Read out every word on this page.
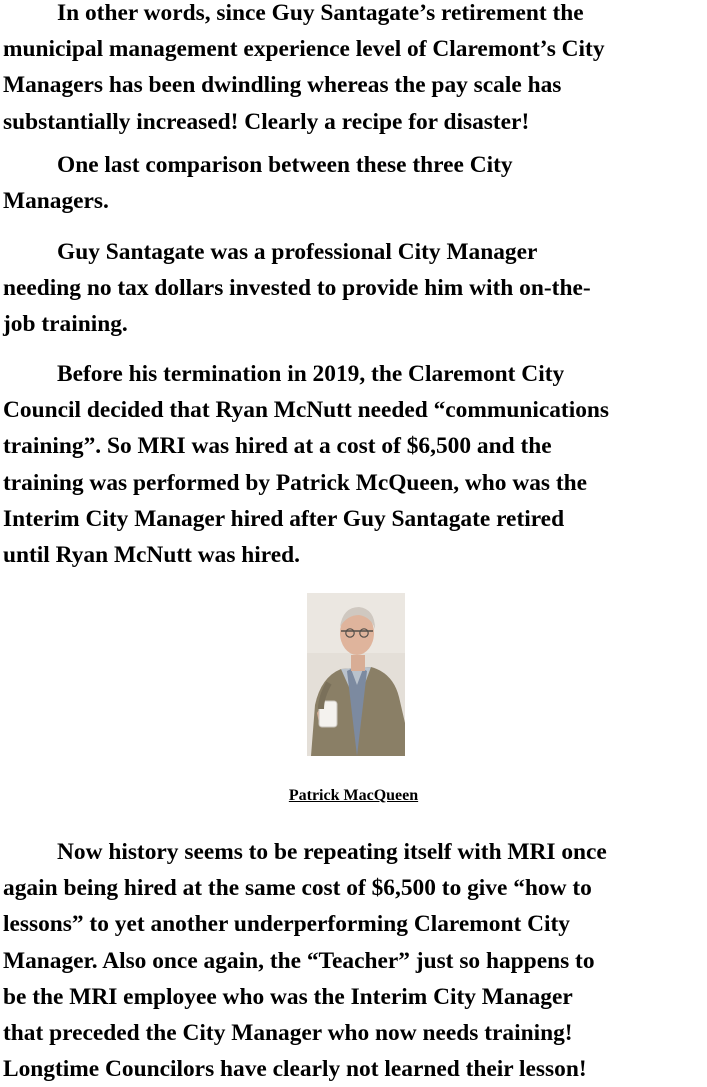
In other words, since Guy Santagate’s retirement the
municipal management experience level of Claremont’s City
Managers has been dwindling whereas the pay scale has
substantially increased! Clearly a recipe for disaster!

One last comparison between these three City
Managers.

Guy Santagate was a professional City Manager
needing no tax dollars invested to provide him with on-the-
job training.

Before his termination in 2019, the Claremont City
Council decided that Ryan McNutt needed “communications
training”. So MRI was hired at a cost of $6,500 and the
training was performed by Patrick McQueen, who was the
Interim City Manager hired after Guy Santagate retired
until Ryan McNutt was hired.

Patrick MacQueen

Now history seems to be repeating itself with MRI once
again being hired at the same cost of $6,500 to give “how to
lessons” to yet another underperforming Claremont City
Manager. Also once again, the “Teacher” just so happens to
be the MRI employee who was the Interim City Manager
that preceded the City Manager who now needs training!
Longtime Councilors have clearly not learned their lesson!
